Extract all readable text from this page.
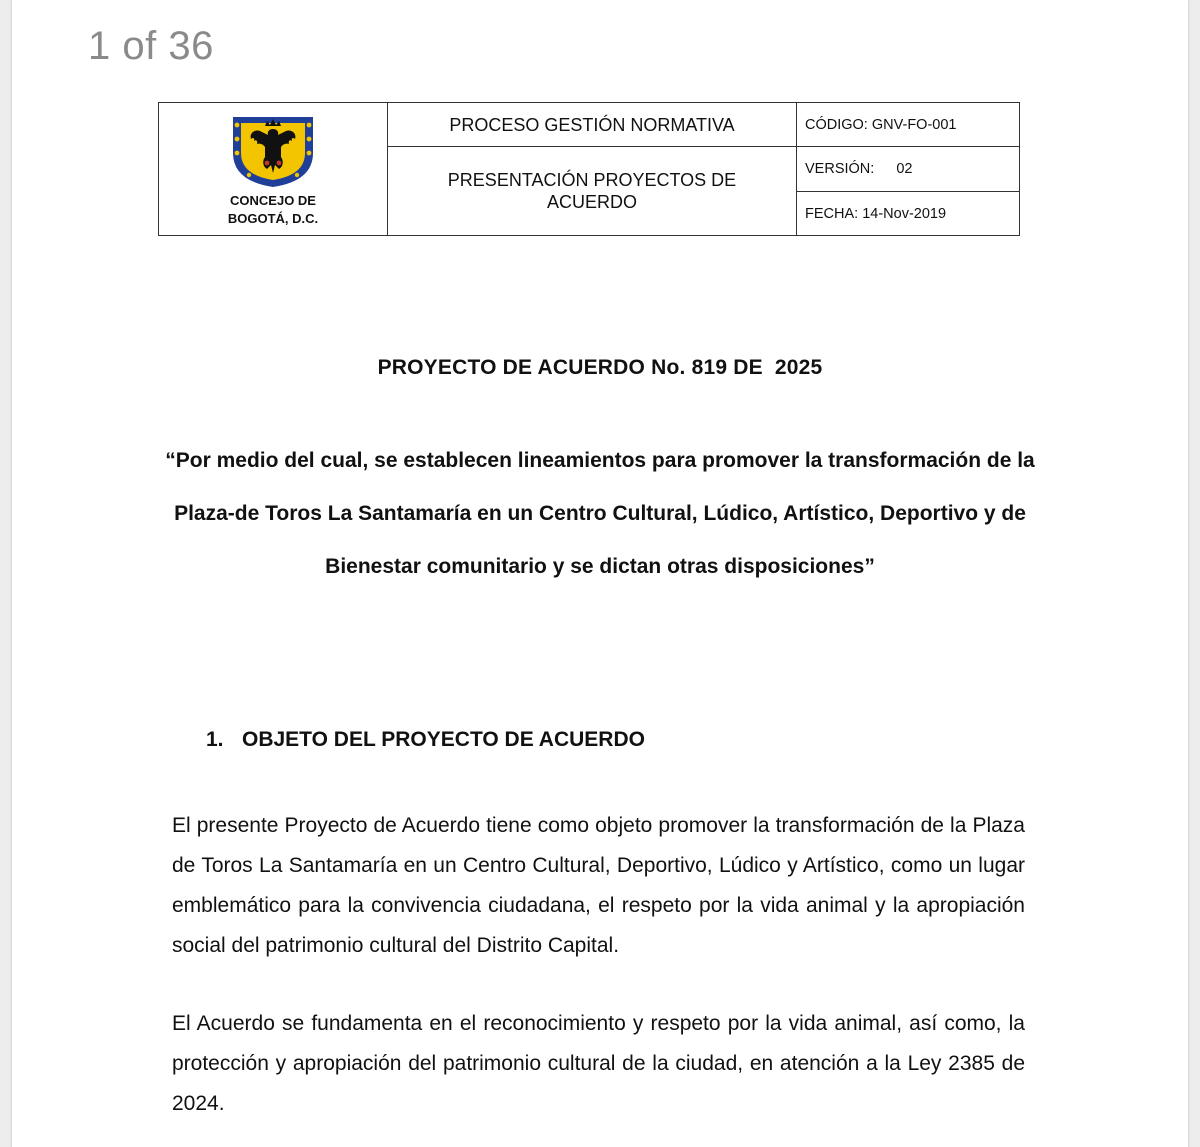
1 of 36
CONCEJO DE
BOGOTÁ, D.C.	PROCESO GESTIÓN NORMATIVA	CÓDIGO: GNV-FO-001

	PRESENTACIÓN PROYECTOS DE ACUERDO	VERSIÓN: 02
		FECHA: 14-Nov-2019
PROYECTO DE ACUERDO No. 819 DE  2025
“Por medio del cual, se establecen lineamientos para promover la transformación de la Plaza-de Toros La Santamaría en un Centro Cultural, Lúdico, Artístico, Deportivo y de Bienestar comunitario y se dictan otras disposiciones”
1. OBJETO DEL PROYECTO DE ACUERDO
El presente Proyecto de Acuerdo tiene como objeto promover la transformación de la Plaza de Toros La Santamaría en un Centro Cultural, Deportivo, Lúdico y Artístico, como un lugar emblemático para la convivencia ciudadana, el respeto por la vida animal y la apropiación social del patrimonio cultural del Distrito Capital.
El Acuerdo se fundamenta en el reconocimiento y respeto por la vida animal, así como, la protección y apropiación del patrimonio cultural de la ciudad, en atención a la Ley 2385 de 2024.
